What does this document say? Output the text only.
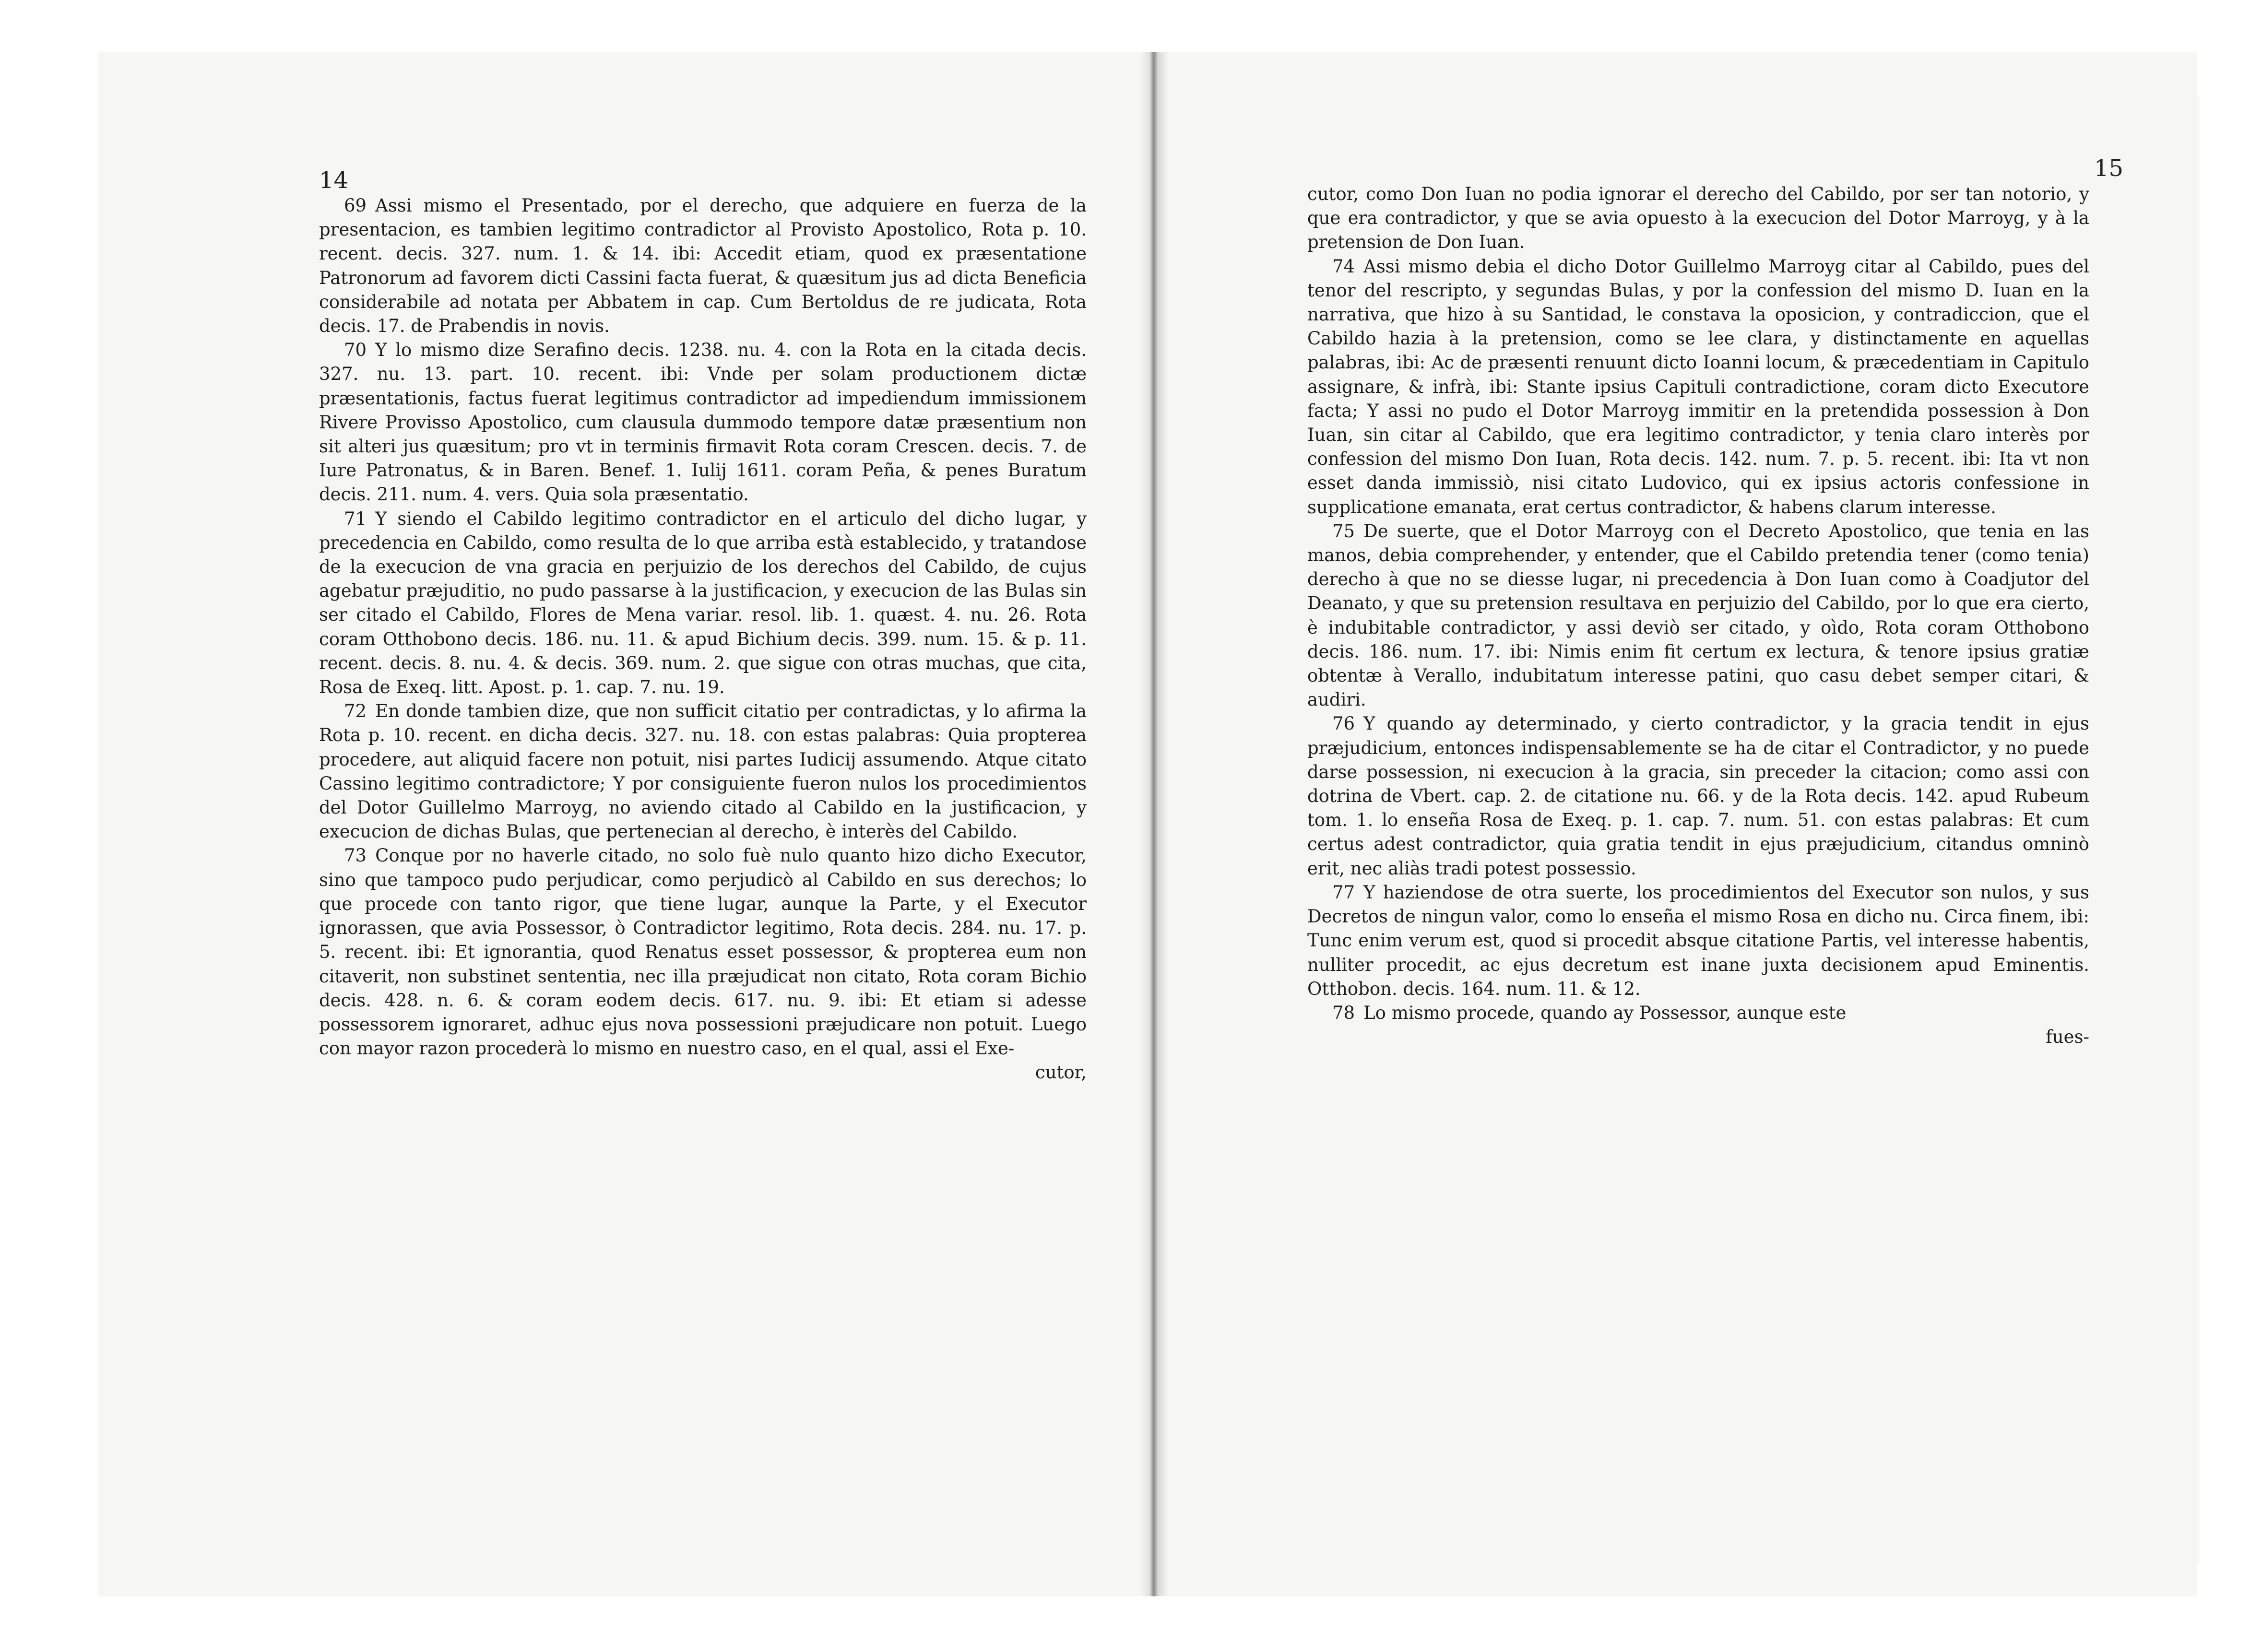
14

69 Assi mismo el Presentado, por el derecho, que adquiere en fuerza de la presentacion, es tambien legitimo contradictor al Provisto Apostolico, Rota p. 10. recent. decis. 327. num. 1. & 14. ibi: Accedit etiam, quod ex præsentatione Patronorum ad favorem dicti Cassini facta fuerat, & quæsitum jus ad dicta Beneficia considerabile ad notata per Abbatem in cap. Cum Bertoldus de re judicata, Rota decis. 17. de Prabendis in novis.

70 Y lo mismo dize Serafino decis. 1238. nu. 4. con la Rota en la citada decis. 327. nu. 13. part. 10. recent. ibi: Vnde per solam productionem dictæ præsentationis, factus fuerat legitimus contradictor ad impediendum immissionem Rivere Provisso Apostolico, cum clausula dummodo tempore datæ præsentium non sit alteri jus quæsitum; pro vt in terminis firmavit Rota coram Crescen. decis. 7. de Iure Patronatus, & in Baren. Benef. 1. Iulij 1611. coram Peña, & penes Buratum decis. 211. num. 4. vers. Quia sola præsentatio.

71 Y siendo el Cabildo legitimo contradictor en el articulo del dicho lugar, y precedencia en Cabildo, como resulta de lo que arriba està establecido, y tratandose de la execucion de vna gracia en perjuizio de los derechos del Cabildo, de cujus agebatur præjuditio, no pudo passarse à la justificacion, y execucion de las Bulas sin ser citado el Cabildo, Flores de Mena variar. resol. lib. 1. quæst. 4. nu. 26. Rota coram Otthobono decis. 186. nu. 11. & apud Bichium decis. 399. num. 15. & p. 11. recent. decis. 8. nu. 4. & decis. 369. num. 2. que sigue con otras muchas, que cita, Rosa de Exeq. litt. Apost. p. 1. cap. 7. nu. 19.

72 En donde tambien dize, que non sufficit citatio per contradictas, y lo afirma la Rota p. 10. recent. en dicha decis. 327. nu. 18. con estas palabras: Quia propterea procedere, aut aliquid facere non potuit, nisi partes Iudicij assumendo. Atque citato Cassino legitimo contradictore; Y por consiguiente fueron nulos los procedimientos del Dotor Guillelmo Marroyg, no aviendo citado al Cabildo en la justificacion, y execucion de dichas Bulas, que pertenecian al derecho, è interès del Cabildo.

73 Conque por no haverle citado, no solo fuè nulo quanto hizo dicho Executor, sino que tampoco pudo perjudicar, como perjudicò al Cabildo en sus derechos; lo que procede con tanto rigor, que tiene lugar, aunque la Parte, y el Executor ignorassen, que avia Possessor, ò Contradictor legitimo, Rota decis. 284. nu. 17. p. 5. recent. ibi: Et ignorantia, quod Renatus esset possessor, & propterea eum non citaverit, non substinet sententia, nec illa præjudicat non citato, Rota coram Bichio decis. 428. n. 6. & coram eodem decis. 617. nu. 9. ibi: Et etiam si adesse possessorem ignoraret, adhuc ejus nova possessioni præjudicare non potuit. Luego con mayor razon procederà lo mismo en nuestro caso, en el qual, assi el Exe-

cutor,

15

cutor, como Don Iuan no podia ignorar el derecho del Cabildo, por ser tan notorio, y que era contradictor, y que se avia opuesto à la execucion del Dotor Marroyg, y à la pretension de Don Iuan.

74 Assi mismo debia el dicho Dotor Guillelmo Marroyg citar al Cabildo, pues del tenor del rescripto, y segundas Bulas, y por la confession del mismo D. Iuan en la narrativa, que hizo à su Santidad, le constava la oposicion, y contradiccion, que el Cabildo hazia à la pretension, como se lee clara, y distinctamente en aquellas palabras, ibi: Ac de præsenti renuunt dicto Ioanni locum, & præcedentiam in Capitulo assignare, & infrà, ibi: Stante ipsius Capituli contradictione, coram dicto Executore facta; Y assi no pudo el Dotor Marroyg immitir en la pretendida possession à Don Iuan, sin citar al Cabildo, que era legitimo contradictor, y tenia claro interès por confession del mismo Don Iuan, Rota decis. 142. num. 7. p. 5. recent. ibi: Ita vt non esset danda immissiò, nisi citato Ludovico, qui ex ipsius actoris confessione in supplicatione emanata, erat certus contradictor, & habens clarum interesse.

75 De suerte, que el Dotor Marroyg con el Decreto Apostolico, que tenia en las manos, debia comprehender, y entender, que el Cabildo pretendia tener (como tenia) derecho à que no se diesse lugar, ni precedencia à Don Iuan como à Coadjutor del Deanato, y que su pretension resultava en perjuizio del Cabildo, por lo que era cierto, è indubitable contradictor, y assi deviò ser citado, y oìdo, Rota coram Otthobono decis. 186. num. 17. ibi: Nimis enim fit certum ex lectura, & tenore ipsius gratiæ obtentæ à Verallo, indubitatum interesse patini, quo casu debet semper citari, & audiri.

76 Y quando ay determinado, y cierto contradictor, y la gracia tendit in ejus præjudicium, entonces indispensablemente se ha de citar el Contradictor, y no puede darse possession, ni execucion à la gracia, sin preceder la citacion; como assi con dotrina de Vbert. cap. 2. de citatione nu. 66. y de la Rota decis. 142. apud Rubeum tom. 1. lo enseña Rosa de Exeq. p. 1. cap. 7. num. 51. con estas palabras: Et cum certus adest contradictor, quia gratia tendit in ejus præjudicium, citandus omninò erit, nec aliàs tradi potest possessio.

77 Y haziendose de otra suerte, los procedimientos del Executor son nulos, y sus Decretos de ningun valor, como lo enseña el mismo Rosa en dicho nu. Circa finem, ibi: Tunc enim verum est, quod si procedit absque citatione Partis, vel interesse habentis, nulliter procedit, ac ejus decretum est inane juxta decisionem apud Eminentis. Otthobon. decis. 164. num. 11. & 12.

78 Lo mismo procede, quando ay Possessor, aunque este

fues-
